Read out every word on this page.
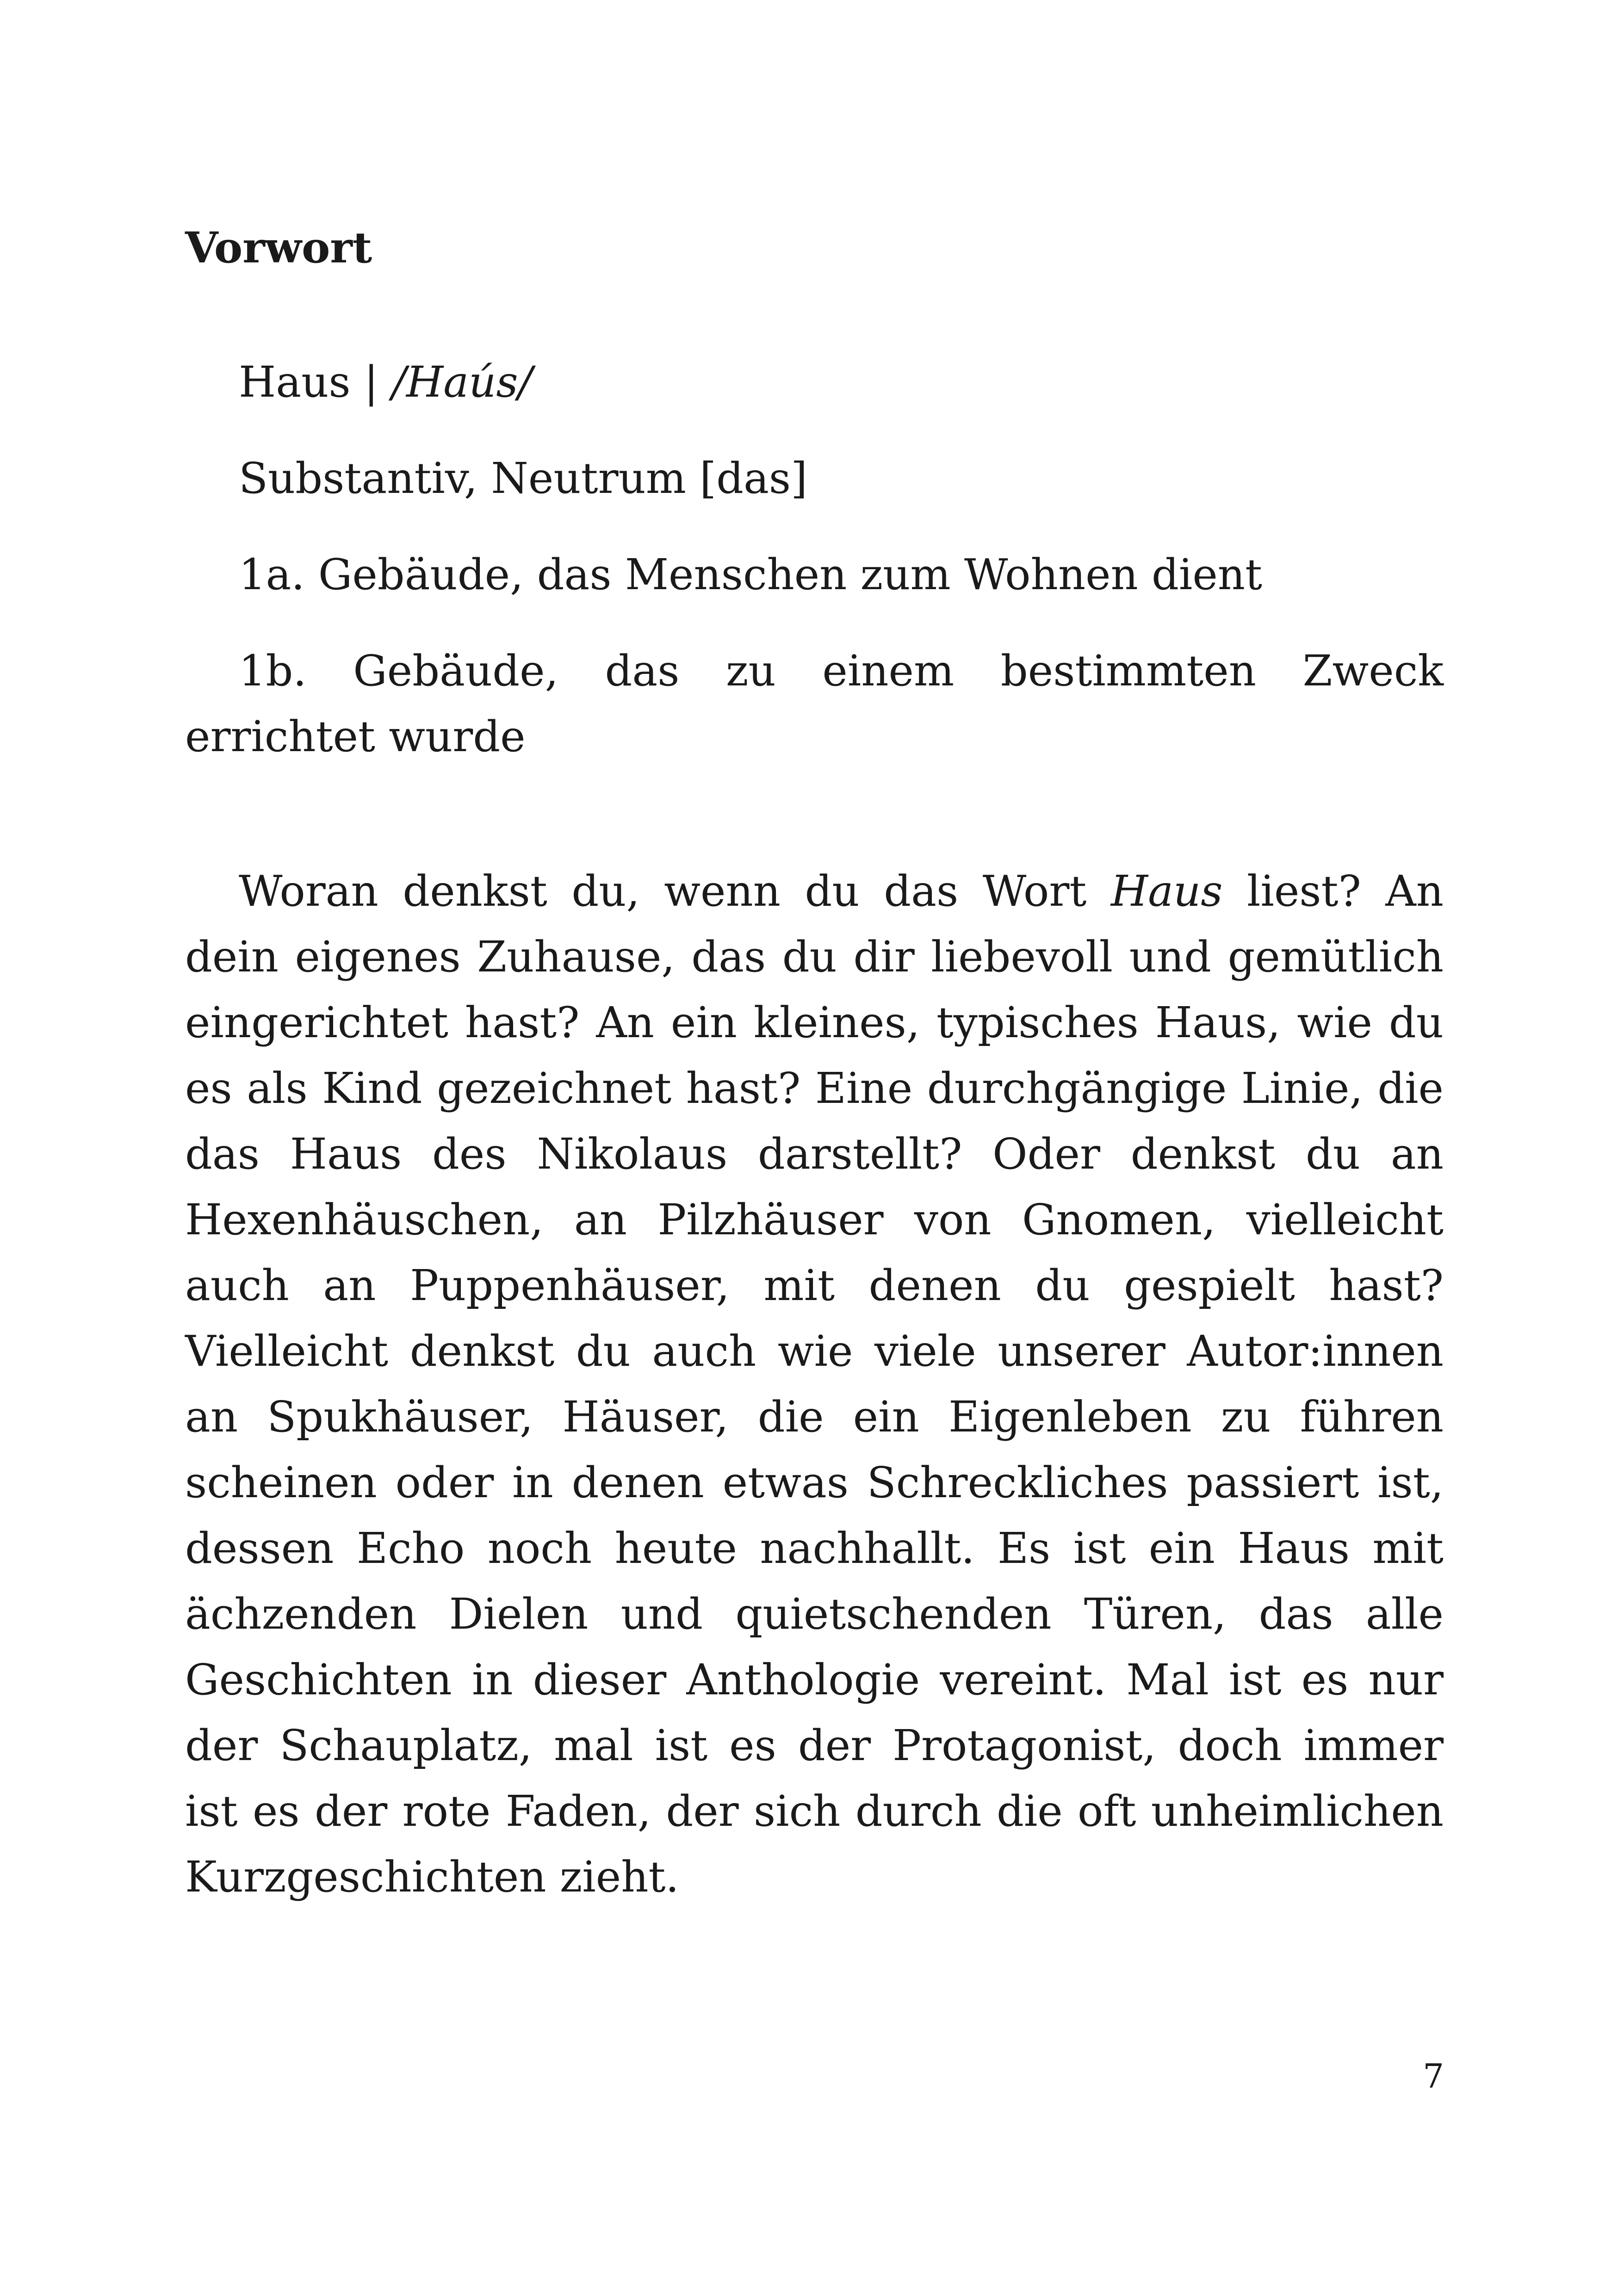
Vorwort

Haus | /Haús/

Substantiv, Neutrum [das]

1a. Gebäude, das Menschen zum Wohnen dient

1b. Gebäude, das zu einem bestimmten Zweck errichtet wurde

Woran denkst du, wenn du das Wort Haus liest? An dein eigenes Zuhause, das du dir liebevoll und gemütlich eingerichtet hast? An ein kleines, typisches Haus, wie du es als Kind gezeichnet hast? Eine durchgängige Linie, die das Haus des Nikolaus darstellt? Oder denkst du an Hexenhäuschen, an Pilzhäuser von Gnomen, vielleicht auch an Puppenhäuser, mit denen du gespielt hast? Vielleicht denkst du auch wie viele unserer Autor:innen an Spukhäuser, Häuser, die ein Eigenleben zu führen scheinen oder in denen etwas Schreckliches passiert ist, dessen Echo noch heute nachhallt. Es ist ein Haus mit ächzenden Dielen und quietschenden Türen, das alle Geschichten in dieser Anthologie vereint. Mal ist es nur der Schauplatz, mal ist es der Protagonist, doch immer ist es der rote Faden, der sich durch die oft unheimlichen Kurzgeschichten zieht.

7
